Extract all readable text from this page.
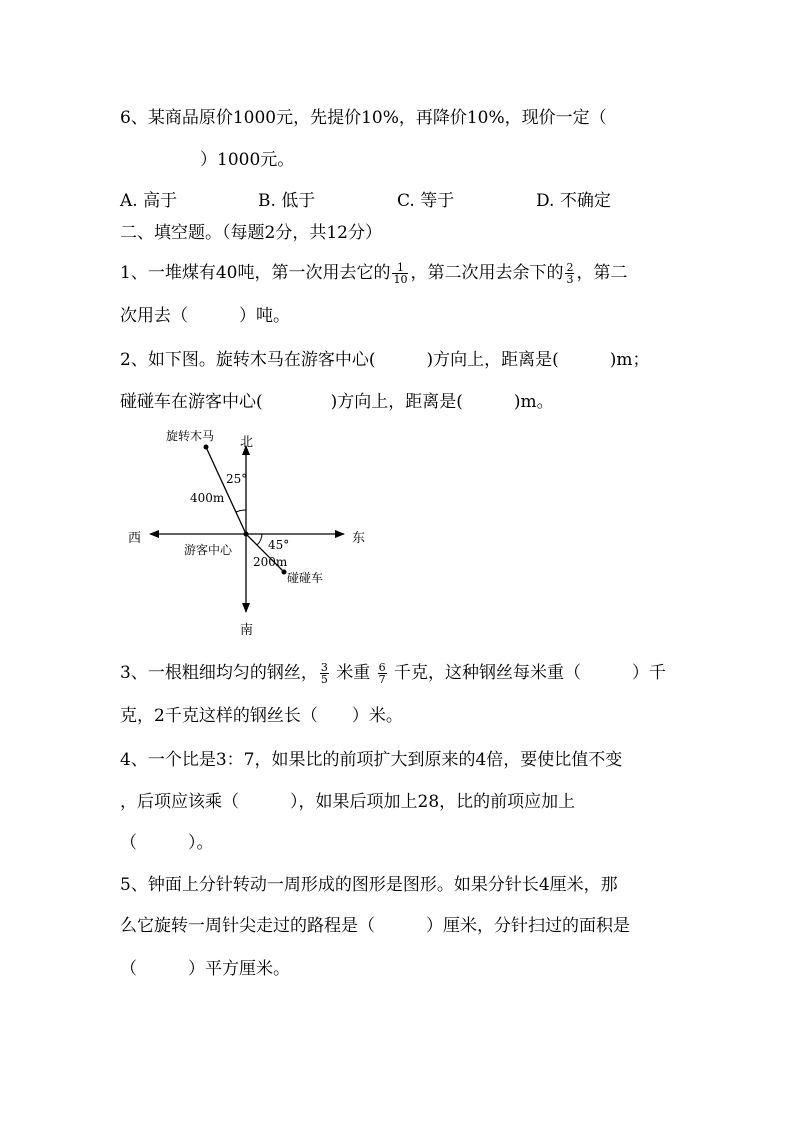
6、某商品原价1000元，先提价10%，再降价10%，现价一定（
）1000元。
A. 高于	B. 低于	C. 等于	D. 不确定
二、填空题。（每题2分，共12分）
1、一堆煤有40吨，第一次用去它的 $\frac{1}{10}$ ，第二次用去余下的 $\frac{2}{3}$ ，第二
次用去（　　　）吨。
2、如下图。旋转木马在游客中心(　　　)方向上，距离是(　　　)m；
碰碰车在游客中心(　　　　)方向上，距离是(　　　)m。
北
南
西	东
旋转木马
碰碰车
游客中心
25°
45°
400m
200m
3、一根粗细均匀的钢丝， $\frac{3}{5}$ 米重 $\frac{6}{7}$ 千克，这种钢丝每米重（　　　）千
克，2千克这样的钢丝长（　　）米。
4、一个比是3：7，如果比的前项扩大到原来的4倍，要使比值不变
，后项应该乘（　　　），如果后项加上28，比的前项应加上
（　　　）。
5、钟面上分针转动一周形成的图形是图形。如果分针长4厘米，那
么它旋转一周针尖走过的路程是（　　　）厘米，分针扫过的面积是
（　　　）平方厘米。
